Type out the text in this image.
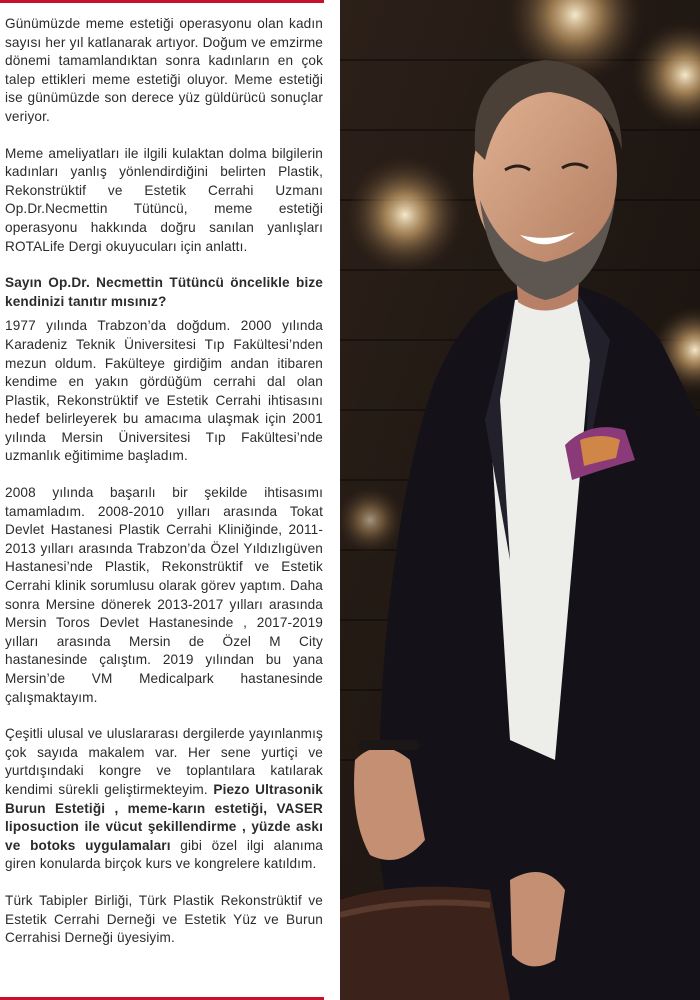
Günümüzde meme estetiği operasyonu olan kadın sayısı her yıl katlanarak artıyor. Doğum ve emzirme dönemi tamamlandıktan sonra kadınların en çok talep ettikleri meme estetiği oluyor. Meme estetiği ise günümüzde son derece yüz güldürücü sonuçlar veriyor.

Meme ameliyatları ile ilgili kulaktan dolma bilgilerin kadınları yanlış yönlendirdiğini belirten Plastik, Rekonstrüktif ve Estetik Cerrahi Uzmanı Op.Dr.Necmettin Tütüncü, meme estetiği operasyonu hakkında doğru sanılan yanlışları ROTALife Dergi okuyucuları için anlattı.

Sayın Op.Dr. Necmettin Tütüncü öncelikle bize kendinizi tanıtır mısınız?

1977 yılında Trabzon’da doğdum. 2000 yılında Karadeniz Teknik Üniversitesi Tıp Fakültesi’nden mezun oldum. Fakülteye girdiğim andan itibaren kendime en yakın gördüğüm cerrahi dal olan Plastik, Rekonstrüktif ve Estetik Cerrahi ihtisasını hedef belirleyerek bu amacıma ulaşmak için 2001 yılında Mersin Üniversitesi Tıp Fakültesi’nde uzmanlık eğitimime başladım.

2008 yılında başarılı bir şekilde ihtisasımı tamamladım. 2008-2010 yılları arasında Tokat Devlet Hastanesi Plastik Cerrahi Kliniğinde, 2011-2013 yılları arasında Trabzon’da Özel Yıldızlıgüven Hastanesi’nde Plastik, Rekonstrüktif ve Estetik Cerrahi klinik sorumlusu olarak görev yaptım. Daha sonra Mersine dönerek 2013-2017 yılları arasında Mersin Toros Devlet Hastanesinde , 2017-2019 yılları arasında Mersin de Özel M City hastanesinde çalıştım. 2019 yılından bu yana Mersin’de VM Medicalpark hastanesinde çalışmaktayım.

Çeşitli ulusal ve uluslararası dergilerde yayınlanmış çok sayıda makalem var. Her sene yurtiçi ve yurtdışındaki kongre ve toplantılara katılarak kendimi sürekli geliştirmekteyim. Piezo Ultrasonik Burun Estetiği , meme-karın estetiği, VASER liposuction ile vücut şekillendirme , yüzde askı ve botoks uygulamaları gibi özel ilgi alanıma giren konularda birçok kurs ve kongrelere katıldım.

Türk Tabipler Birliği, Türk Plastik Rekonstrüktif ve Estetik Cerrahi Derneği ve Estetik Yüz ve Burun Cerrahisi Derneği üyesiyim.
